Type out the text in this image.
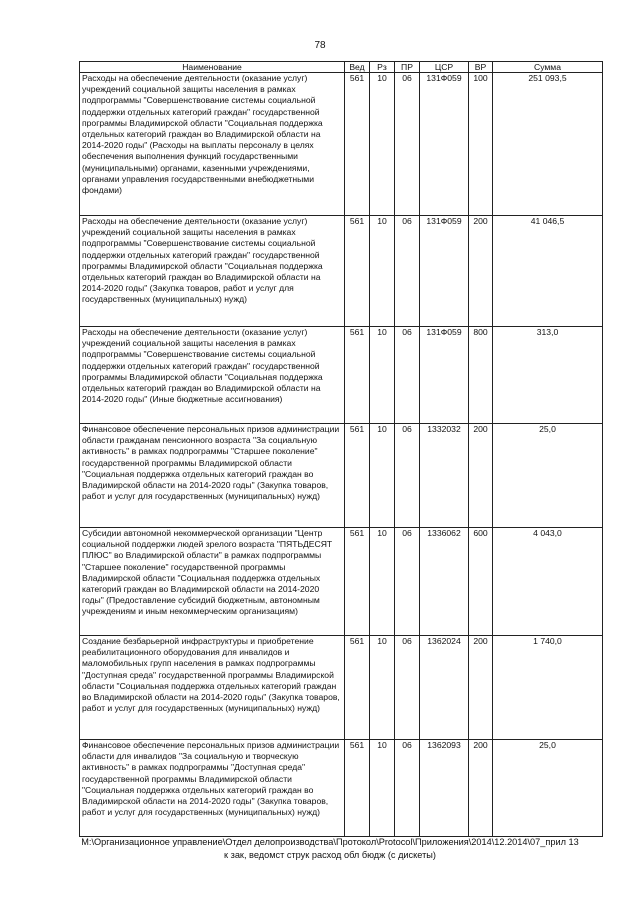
78
Наименование	Вед	Рз	ПР	ЦСР	ВР	Сумма
Расходы на обеспечение деятельности (оказание услуг) учреждений социальной защиты населения в рамках подпрограммы "Совершенствование системы социальной поддержки отдельных категорий граждан" государственной программы Владимирской области "Социальная поддержка отдельных категорий граждан во Владимирской области на 2014-2020 годы" (Расходы на выплаты персоналу в целях обеспечения выполнения функций государственными (муниципальными) органами, казенными учреждениями, органами управления государственными внебюджетными фондами)	561	10	06	131Ф059	100	251 093,5
Расходы на обеспечение деятельности (оказание услуг) учреждений социальной защиты населения в рамках подпрограммы "Совершенствование системы социальной поддержки отдельных категорий граждан" государственной программы Владимирской области "Социальная поддержка отдельных категорий граждан во Владимирской области на 2014-2020 годы" (Закупка товаров, работ и услуг для государственных (муниципальных) нужд)	561	10	06	131Ф059	200	41 046,5
Расходы на обеспечение деятельности (оказание услуг) учреждений социальной защиты населения в рамках подпрограммы "Совершенствование системы социальной поддержки отдельных категорий граждан" государственной программы Владимирской области "Социальная поддержка отдельных категорий граждан во Владимирской области на 2014-2020 годы" (Иные бюджетные ассигнования)	561	10	06	131Ф059	800	313,0
Финансовое обеспечение персональных призов администрации области гражданам пенсионного возраста "За социальную активность" в рамках подпрограммы "Старшее поколение" государственной программы Владимирской области "Социальная поддержка отдельных категорий граждан во Владимирской области на 2014-2020 годы" (Закупка товаров, работ и услуг для государственных (муниципальных) нужд)	561	10	06	1332032	200	25,0
Субсидии автономной некоммерческой организации "Центр социальной поддержки людей зрелого возраста "ПЯТЬДЕСЯТ ПЛЮС" во Владимирской области" в рамках подпрограммы "Старшее поколение" государственной программы Владимирской области "Социальная поддержка отдельных категорий граждан во Владимирской области на 2014-2020 годы" (Предоставление субсидий бюджетным, автономным учреждениям и иным некоммерческим организациям)	561	10	06	1336062	600	4 043,0
Создание безбарьерной инфраструктуры и приобретение реабилитационного оборудования для инвалидов и маломобильных групп населения в рамках подпрограммы "Доступная среда" государственной программы Владимирской области "Социальная поддержка отдельных категорий граждан во Владимирской области на 2014-2020 годы" (Закупка товаров, работ и услуг для государственных (муниципальных) нужд)	561	10	06	1362024	200	1 740,0
Финансовое обеспечение персональных призов администрации области для инвалидов "За социальную и творческую активность" в рамках подпрограммы "Доступная среда" государственной программы Владимирской области "Социальная поддержка отдельных категорий граждан во Владимирской области на 2014-2020 годы" (Закупка товаров, работ и услуг для государственных (муниципальных) нужд)	561	10	06	1362093	200	25,0
М:\Организационное управление\Отдел делопроизводства\Протокол\Protocol\Приложения\2014\12.2014\07_прил 13
к зак, ведомст струк расход обл бюдж (с дискеты)
